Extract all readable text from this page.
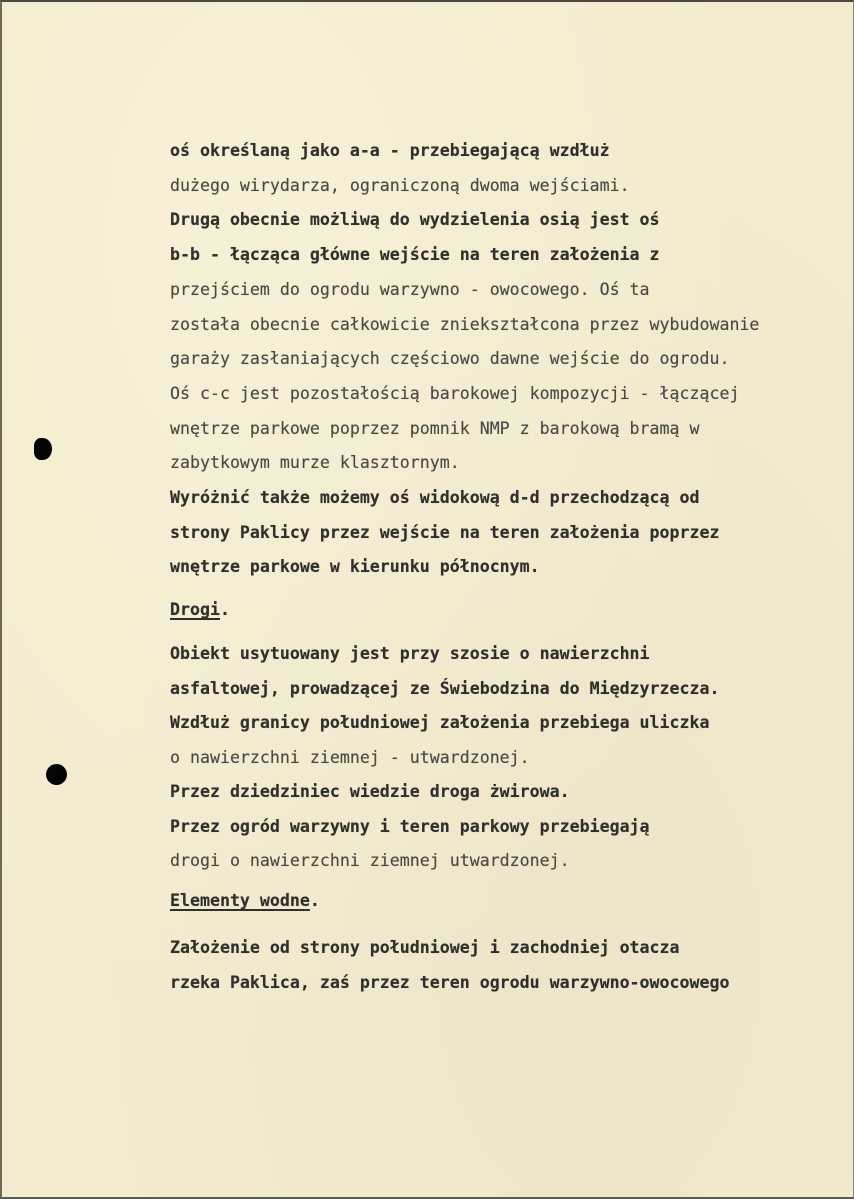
oś określaną jako a-a - przebiegającą wzdłuż
dużego wirydarza, ograniczoną dwoma wejściami.
Drugą obecnie możliwą do wydzielenia osią jest oś
b-b - łącząca główne wejście na teren założenia z
przejściem do ogrodu warzywno - owocowego. Oś ta
została obecnie całkowicie zniekształcona przez wybudowanie
garaży zasłaniających częściowo dawne wejście do ogrodu.
Oś c-c jest pozostałością barokowej kompozycji - łączącej
wnętrze parkowe poprzez pomnik NMP z barokową bramą w
zabytkowym murze klasztornym.
Wyróżnić także możemy oś widokową d-d przechodzącą od
strony Paklicy przez wejście na teren założenia poprzez
wnętrze parkowe w kierunku północnym.
Drogi.
Obiekt usytuowany jest przy szosie o nawierzchni
asfaltowej, prowadzącej ze Świebodzina do Międzyrzecza.
Wzdłuż granicy południowej założenia przebiega uliczka
o nawierzchni ziemnej - utwardzonej.
Przez dziedziniec wiedzie droga żwirowa.
Przez ogród warzywny i teren parkowy przebiegają
drogi o nawierzchni ziemnej utwardzonej.
Elementy wodne.
Założenie od strony południowej i zachodniej otacza
rzeka Paklica, zaś przez teren ogrodu warzywno-owocowego
